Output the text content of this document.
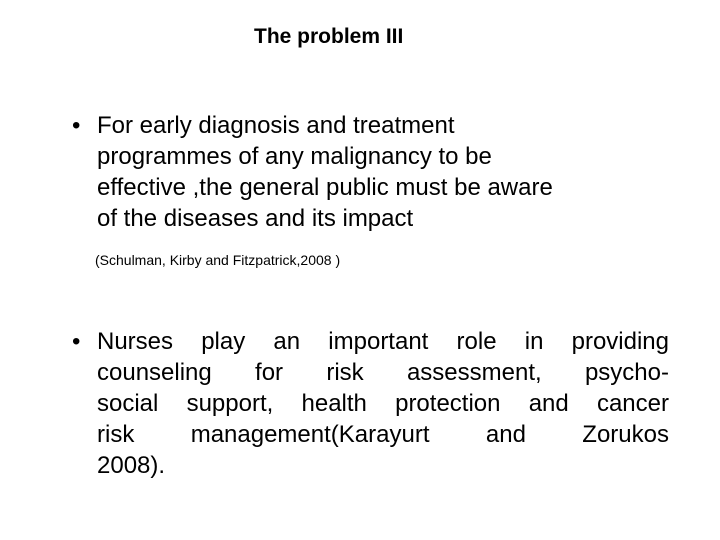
The problem III
• For early diagnosis and treatment
programmes of any malignancy to be
effective ,the general public must be aware
of the diseases and its impact
(Schulman, Kirby and Fitzpatrick,2008 )
• Nurses play an important role in providing
counseling for risk assessment, psycho-
social support, health protection and cancer
risk management(Karayurt and Zorukos
2008).
